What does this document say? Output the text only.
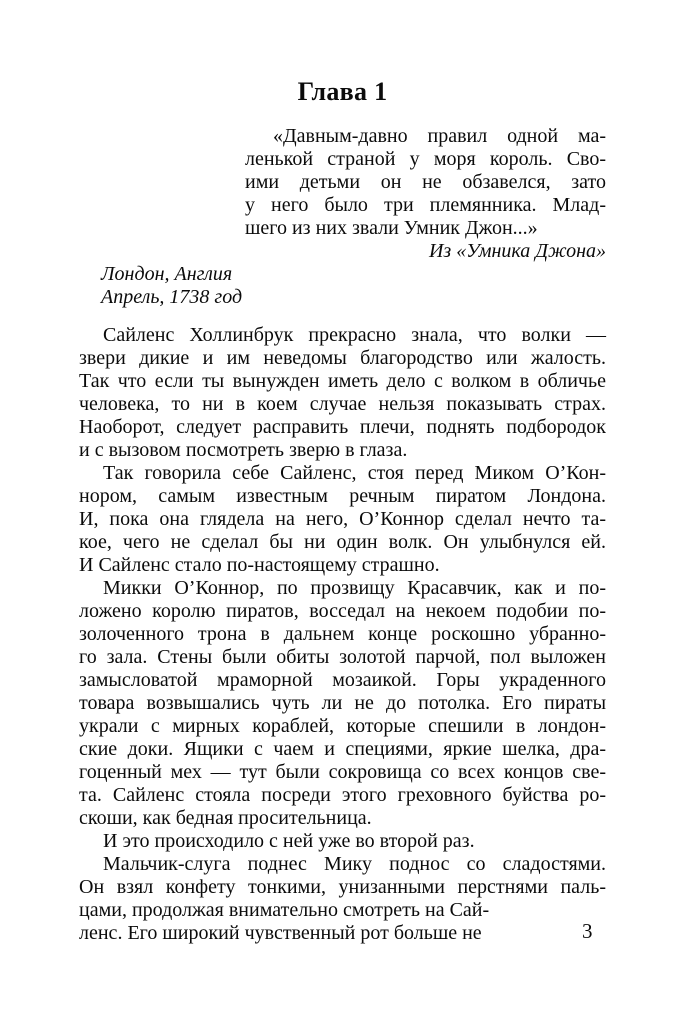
Глава 1
«Давным-давно правил одной ма-
ленькой страной у моря король. Сво-
ими детьми он не обзавелся, зато
у него было три племянника. Млад-
шего из них звали Умник Джон...»
Из «Умника Джона»
Лондон, Англия
Апрель, 1738 год
Сайленс Холлинбрук прекрасно знала, что волки —
звери дикие и им неведомы благородство или жалость.
Так что если ты вынужден иметь дело с волком в обличье
человека, то ни в коем случае нельзя показывать страх.
Наоборот, следует расправить плечи, поднять подбородок
и с вызовом посмотреть зверю в глаза.
Так говорила себе Сайленс, стоя перед Миком О’Кон-
нором, самым известным речным пиратом Лондона.
И, пока она глядела на него, О’Коннор сделал нечто та-
кое, чего не сделал бы ни один волк. Он улыбнулся ей.
И Сайленс стало по-настоящему страшно.
Микки О’Коннор, по прозвищу Красавчик, как и по-
ложено королю пиратов, восседал на некоем подобии по-
золоченного трона в дальнем конце роскошно убранно-
го зала. Стены были обиты золотой парчой, пол выложен
замысловатой мраморной мозаикой. Горы украденного
товара возвышались чуть ли не до потолка. Его пираты
украли с мирных кораблей, которые спешили в лондон-
ские доки. Ящики с чаем и специями, яркие шелка, дра-
гоценный мех — тут были сокровища со всех концов све-
та. Сайленс стояла посреди этого греховного буйства ро-
скоши, как бедная просительница.
И это происходило с ней уже во второй раз.
Мальчик-слуга поднес Мику поднос со сладостями.
Он взял конфету тонкими, унизанными перстнями паль-
цами, продолжая внимательно смотреть на Сай-
ленс. Его широкий чувственный рот больше не	3
